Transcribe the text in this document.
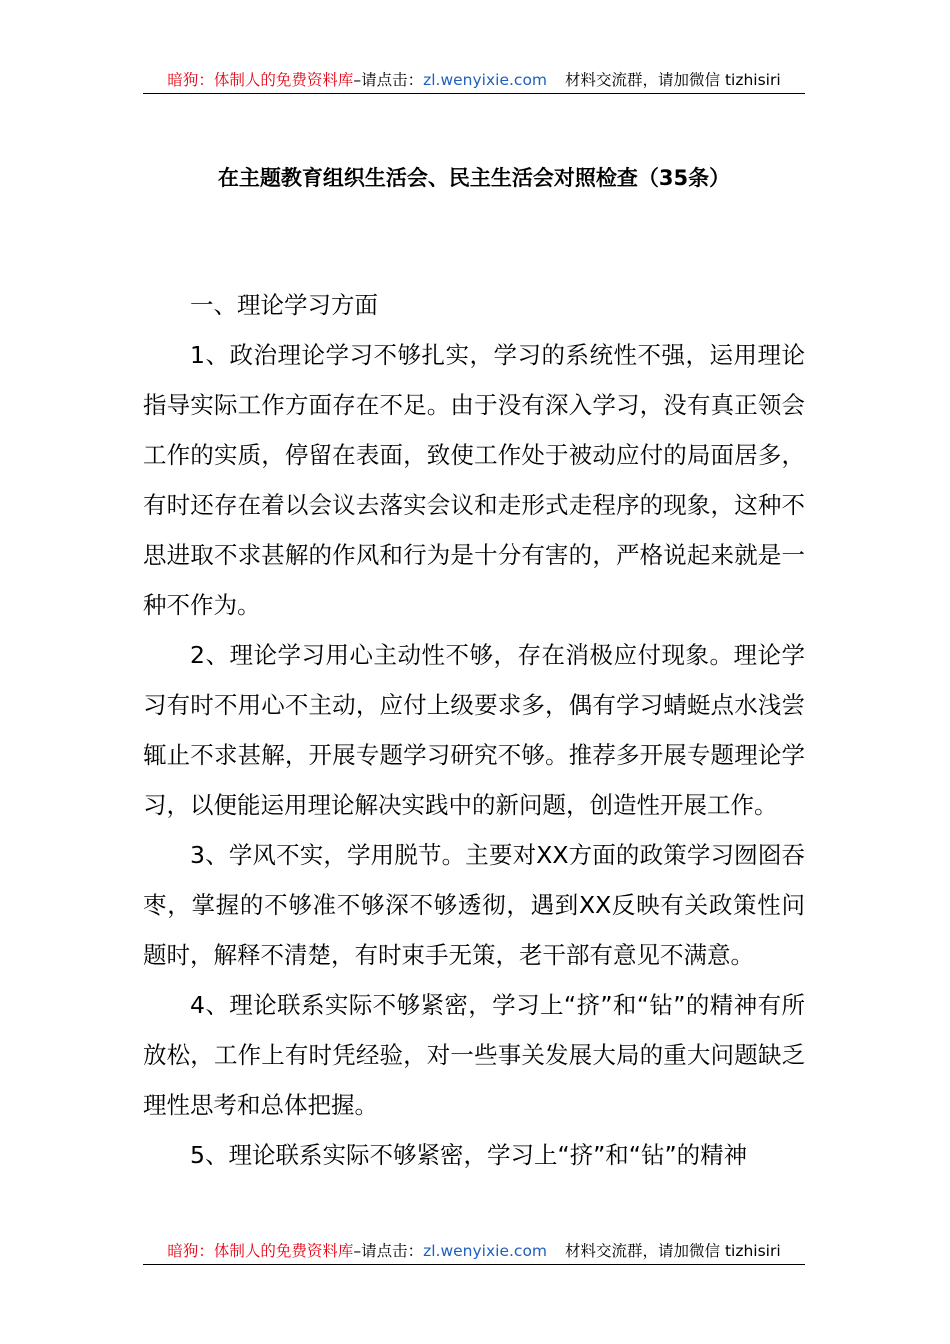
暗狗：体制人的免费资料库–请点击：zl.wenyixie.com 材料交流群，请加微信 tizhisiri
在主题教育组织生活会、民主生活会对照检查（35条）

一、理论学习方面

1、政治理论学习不够扎实，学习的系统性不强，运用理论指导实际工作方面存在不足。由于没有深入学习，没有真正领会工作的实质，停留在表面，致使工作处于被动应付的局面居多，有时还存在着以会议去落实会议和走形式走程序的现象，这种不思进取不求甚解的作风和行为是十分有害的，严格说起来就是一种不作为。

2、理论学习用心主动性不够，存在消极应付现象。理论学习有时不用心不主动，应付上级要求多，偶有学习蜻蜓点水浅尝辄止不求甚解，开展专题学习研究不够。推荐多开展专题理论学习，以便能运用理论解决实践中的新问题，创造性开展工作。

3、学风不实，学用脱节。主要对XX方面的政策学习囫囵吞枣，掌握的不够准不够深不够透彻，遇到XX反映有关政策性问题时，解释不清楚，有时束手无策，老干部有意见不满意。

4、理论联系实际不够紧密，学习上“挤”和“钻”的精神有所放松，工作上有时凭经验，对一些事关发展大局的重大问题缺乏理性思考和总体把握。

5、理论联系实际不够紧密，学习上“挤”和“钻”的精神

暗狗：体制人的免费资料库–请点击：zl.wenyixie.com 材料交流群，请加微信 tizhisiri
